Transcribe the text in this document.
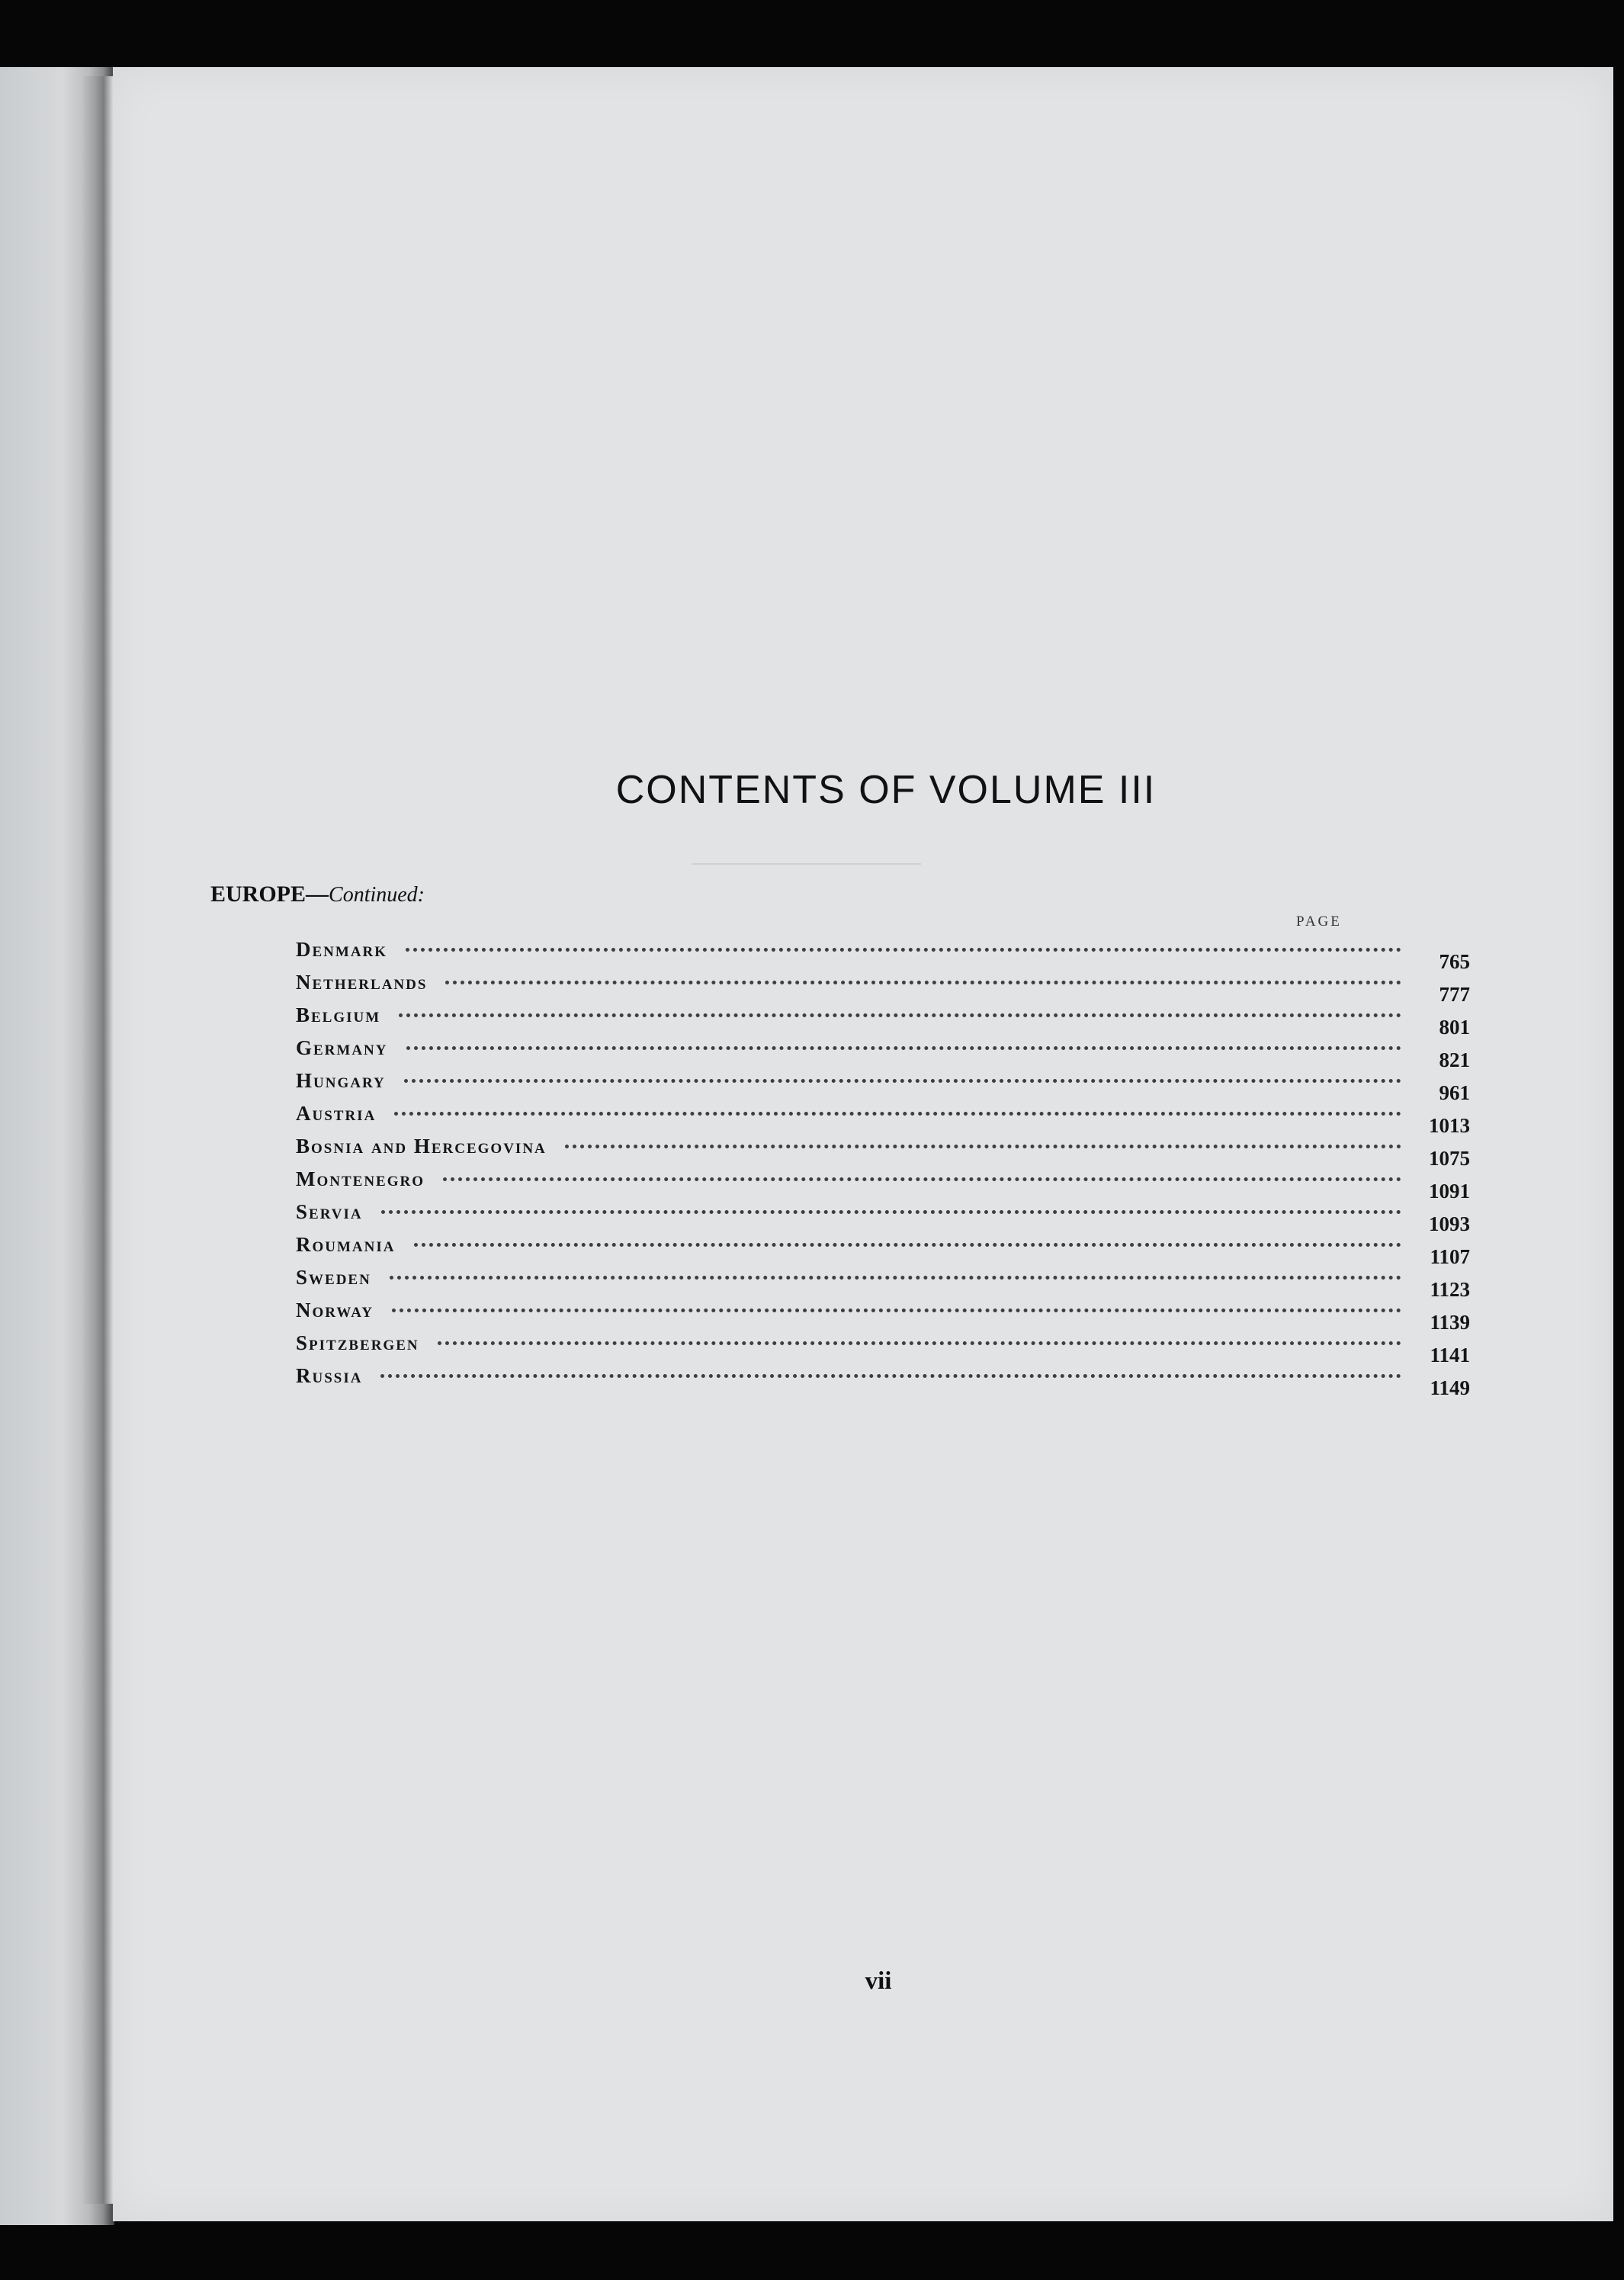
CONTENTS OF VOLUME III
EUROPE—Continued:
PAGE
Denmark
765
Netherlands
777
Belgium
801
Germany
821
Hungary
961
Austria
1013
Bosnia and Hercegovina
1075
Montenegro
1091
Servia
1093
Roumania
1107
Sweden
1123
Norway
1139
Spitzbergen
1141
Russia
1149
vii
